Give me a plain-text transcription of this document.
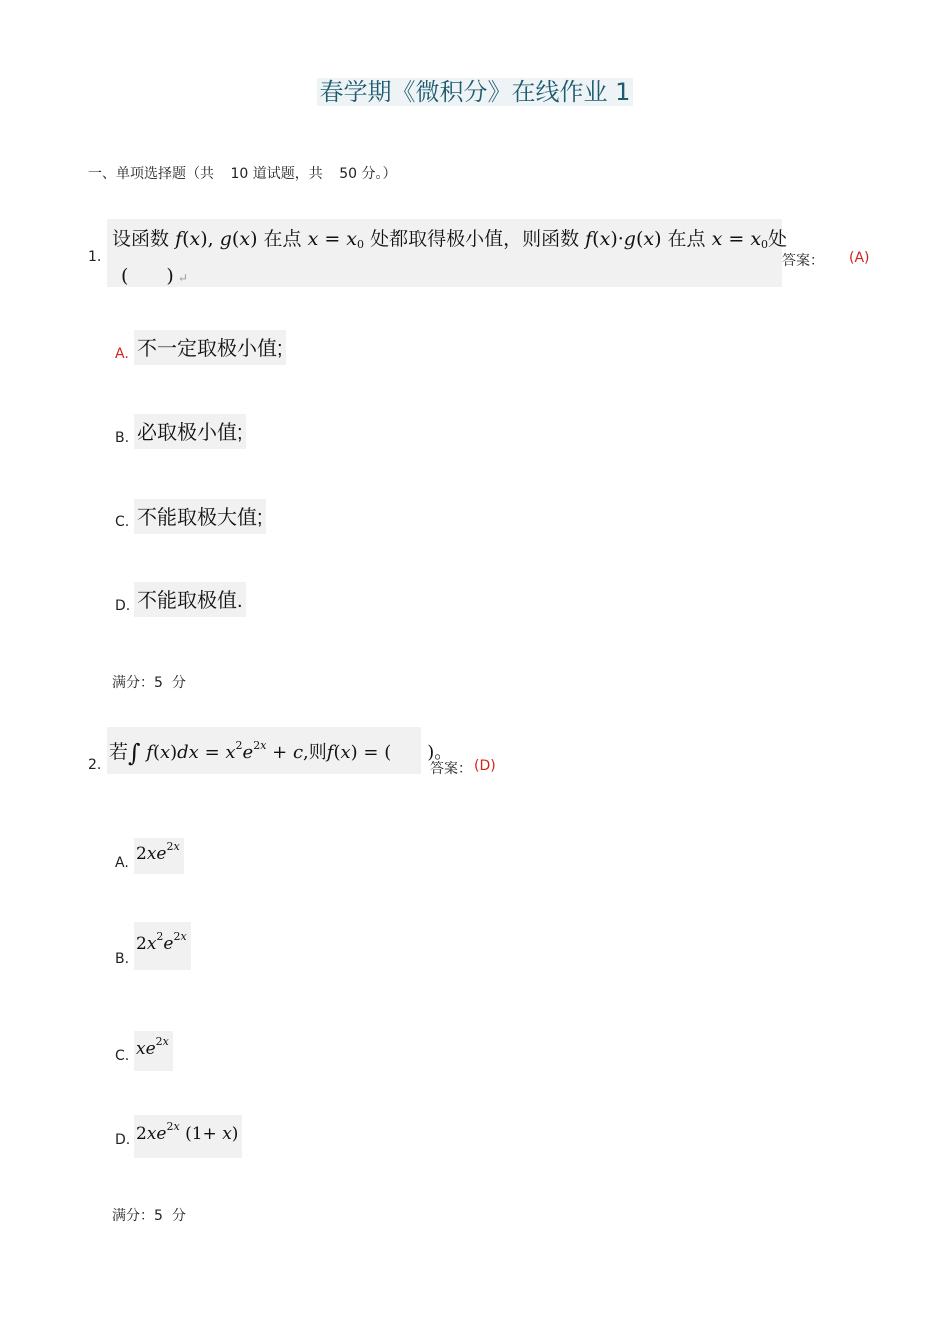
春学期《微积分》在线作业 1
一、单项选择题（共 10 道试题，共 50 分。）
1.
设函数 f(x), g(x) 在点 $x = x_0$ 处都取得极小值，则函数 f(x)·g(x) 在点 $x = x_0$处
(　　) ↵
答案： (A)
A. 不一定取极小值;
B. 必取极小值;
C. 不能取极大值;
D. 不能取极值.
满分：5 分
2.
若∫ $f(x)dx = x^2e^{2x} + c$,则f(x) = (　　)。
答案： (D)
A. $2xe^{2x}$
B.
$2x^2e^{2x}$
C. $xe^{2x}$
D. $2xe^{2x}$ (1+ x)
满分：5 分
